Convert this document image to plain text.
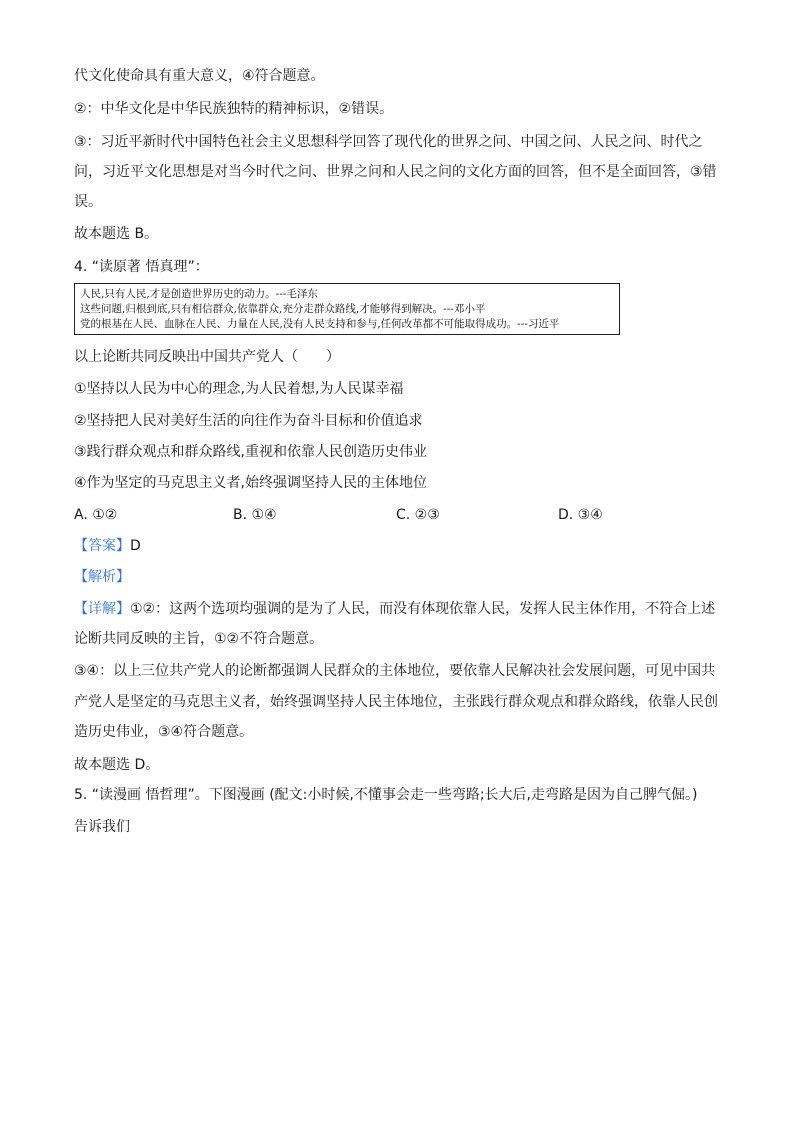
代文化使命具有重大意义，④符合题意。
②：中华文化是中华民族独特的精神标识，②错误。
③：习近平新时代中国特色社会主义思想科学回答了现代化的世界之问、中国之问、人民之问、时代之
问，习近平文化思想是对当今时代之问、世界之问和人民之问的文化方面的回答，但不是全面回答，③错
误。
故本题选 B。
4. “读原著 悟真理”：
人民,只有人民,才是创造世界历史的动力。---毛泽东
这些问题,归根到底,只有相信群众,依靠群众,充分走群众路线,才能够得到解决。---邓小平
党的根基在人民、血脉在人民、力量在人民,没有人民支持和参与,任何改革都不可能取得成功。---习近平
以上论断共同反映出中国共产党人（　　）
①坚持以人民为中心的理念,为人民着想,为人民谋幸福
②坚持把人民对美好生活的向往作为奋斗目标和价值追求
③践行群众观点和群众路线,重视和依靠人民创造历史伟业
④作为坚定的马克思主义者,始终强调坚持人民的主体地位
A. ①②	B. ①④	C. ②③	D. ③④
【答案】D
【解析】
【详解】①②：这两个选项均强调的是为了人民，而没有体现依靠人民，发挥人民主体作用，不符合上述
论断共同反映的主旨，①②不符合题意。
③④：以上三位共产党人的论断都强调人民群众的主体地位，要依靠人民解决社会发展问题，可见中国共
产党人是坚定的马克思主义者，始终强调坚持人民主体地位，主张践行群众观点和群众路线，依靠人民创
造历史伟业，③④符合题意。
故本题选 D。
5. “读漫画 悟哲理”。下图漫画 (配文:小时候,不懂事会走一些弯路;长大后,走弯路是因为自己脾气倔。)
告诉我们
